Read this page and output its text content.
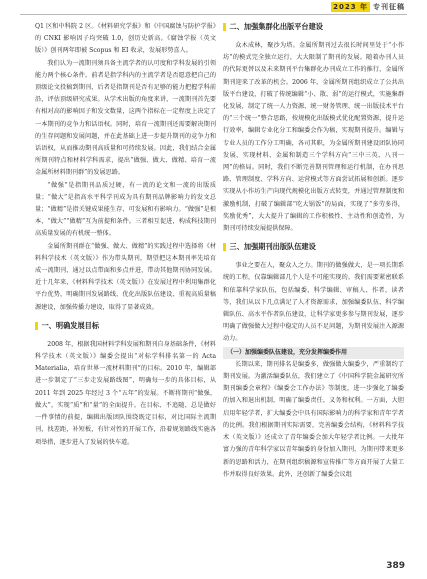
2023 年 专刊征稿

Q1 区和中科院 2 区。《材料研究学报》和《中国腐蚀与防护学报》的 CNKI 影响因子均突破 1.0，创历史新高。《腐蚀学报（英文版）》创刊两年即被 Scopus 和 EI 收录，发展形势喜人。

我们认为一流期刊须具备主流学者的认可度和学科发展的引领能力两个核心条件。前者是指学科内的主流学者是否愿意把自己的顶级论文投稿到期刊，后者是指期刊是否有足够的能力把握学科前沿，评估顶级研究成果。从学术出版的角度来讲，一流期刊首先要有相对高的影响因子和发文数量，这两个指标在一定程度上决定了一本期刊的竞争力和话语权。同时，培育一流期刊还需要解决期刊的生存问题和发展问题，并在此基础上进一步提升期刊的竞争力和话语权，从而推动期刊高质量和可持续发展。因此，我们结合金属所期刊特点和材料学科需求，提出“做强、做大、做精、培育一流金属所材料期刊群”的发展思路。

“做强”是指期刊品质过硬，有一流的论文和一流的出版质量；“做大”是指高水平科学刊成为具有期刊品牌影响力的发文总量；“做精”是指关键成果能生存、可发展和有影响力。“做强”是根本，“做大”“做精”互为前提和条件。三者相互促进，构成科技期刊高质量发展的有机统一整体。

金属所期刊群在“做强、做大、做精”的实践过程中选择将《材料科学技术（英文版）》作为带头期刊，期望把这本期刊率先培育成一流期刊，通过以点带面和多点并进，带动其他期刊协同发展。近十几年来，《材料科学技术（英文版）》在发展过程中利用集群化平台优势，明确期刊发展路线、优化出版队伍建设、重视高质量稿源建设，加强传播力建设，取得了显著成效。

一、明确发展目标

2008 年，根据我国材料学科发展和期刊自身基础条件，《材料科学技术（英文版）》编委会提出“对标学科排名第一的 Acta Materialia，培育世界一流材料期刊”的目标。2010 年，编辑部进一步制定了“三步走发展路线图”，明确每一步的具体目标，从 2011 年到 2025 年经过 3 个“五年”的发展。不断将期刊“做强、做大”，实现“质”和“量”的全面提升。在目标、不追随、总是做好一件事情的前提，编辑出版团队围绕既定目标，对比国际主流期刊，找差距，补短板，有针对性的开展工作，沿着规划路线实施各项举措，逐步进入了发展的快车道。

二、加强集群化出版平台建设

众木成林，聚沙为塔。金属所期刊过去很长时间里处于“小作坊”的模式完全独立运行，大大限制了期刊的发展。随着办刊人员的代际更替以及未来期刊平台集群化办刊成立工作的推行，金属所期刊迎来了改革的机会。2006 年，金属所期刊组织成立了公共出版平台建设，打破了传统编辑“小、散、弱”的运行模式，实施集群化发展，制定了统一人力资源、统一财务管理、统一出版技术平台的“三个统一”整合思路，按规模化出版模式优化配置资源，提升运行效率，编辑专业化分工和编委会作为稿，实现期刊提升。编辑与专业人员的工作分工明确，各司其职，为金属所期刊建设团队协同发展，实现材料、金属和制造三个学科方向“三中三英、八刊一网”的格局。同时，我们不断完善期刊管理和运行机制，在办刊思路、管理制度、学科方向、运营模式等方面尝试拓展和创新。逐步实现从小作坊生产向现代规模化出版方式转变，并通过管理制度和激励机制，打破了编辑部“吃大锅饭”的局面，实现了“多劳多得，奖励优秀”，大大提升了编辑的工作积极性、主动性和创造性，为期刊可持续发展提供保障。

三、加强期刊出版队伍建设

事业之要在人，聚众人之力。期刊的做强做大，是一项长期系统的工程，仅靠编辑部几个人是不可能实现的。我们需要紧密联系和依靠科学家队伍，包括编委、科学编辑、审稿人、作者、读者等，我们从以下几点满足了人才资源需求，加强编委队伍、科学编辑队伍、高水平作者队伍建设，让科学家更多参与期刊发展，逐步明确了做强做大过程中稳定的人员不足问题，为期刊发展注入源源动力。

（一）加强编委队伍建设，充分发挥编委作用

长期以来，期刊排名是编委多，做强做大编委少，严重制约了期刊发展。为激活编委队伍，我们建立了《中国科学院金属研究所期刊编委会章程》《编委会工作办法》等制度，进一步强化了编委的加入和退出机制，明确了编委责任，义务和权利。一方面，大胆启用年轻学者，扩大编委会中具有国际影响力的科学家和青年学者的比例。我们根据期刊实际需要，完善编委会结构，《材料科学技术（英文版）》还成立了青年编委会加大年轻学者比例。一大批年富力强的青年科学家以青年编委的身份加入期刊，为期刊带来更多新的思路和活力，在期刊组织稿源和宣传推广等方面开展了大量工作并取得良好效果。此外，还创新了编委会议组

389
